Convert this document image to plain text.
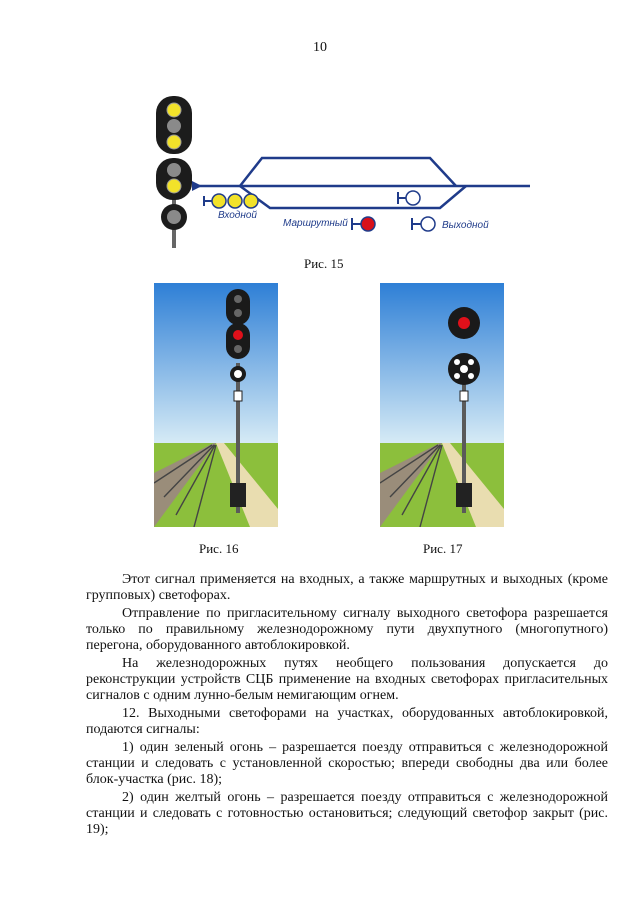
10
Входной
Маршрутный	Выходной
Рис. 15
Рис. 16	Рис. 17

Этот сигнал применяется на входных, а также маршрутных и выходных (кроме групповых) светофорах.

Отправление по пригласительному сигналу выходного светофора разрешается только по правильному железнодорожному пути двухпутного (многопутного) перегона, оборудованного автоблокировкой.

На железнодорожных путях необщего пользования допускается до реконструкции устройств СЦБ применение на входных светофорах пригласительных сигналов с одним лунно-белым немигающим огнем.

12. Выходными светофорами на участках, оборудованных автоблокировкой, подаются сигналы:

1) один зеленый огонь – разрешается поезду отправиться с железнодорожной станции и следовать с установленной скоростью; впереди свободны два или более блок-участка (рис. 18);

2) один желтый огонь – разрешается поезду отправиться с железнодорожной станции и следовать с готовностью остановиться; следующий светофор закрыт (рис. 19);
